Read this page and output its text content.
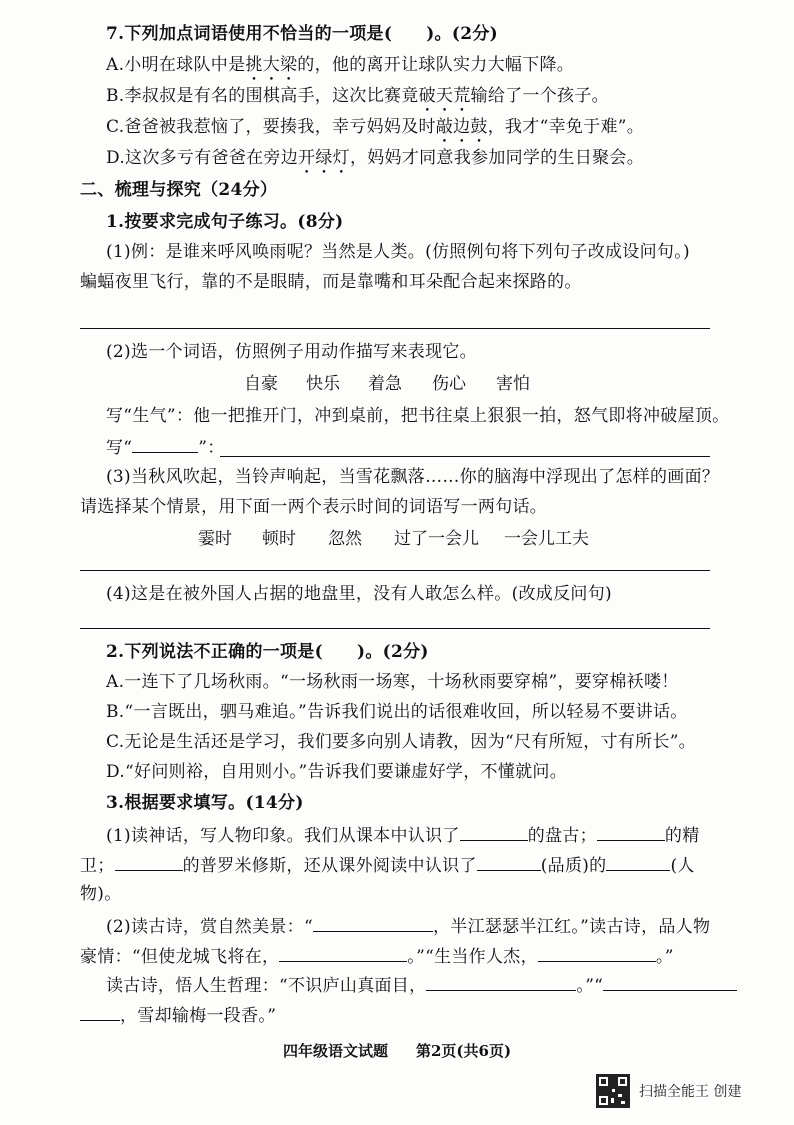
7.下列加点词语使用不恰当的一项是( )。(2分)
A.小明在球队中是挑大梁的，他的离开让球队实力大幅下降。
B.李叔叔是有名的围棋高手，这次比赛竟破天荒输给了一个孩子。
C.爸爸被我惹恼了，要揍我，幸亏妈妈及时敲边鼓，我才“幸免于难”。
D.这次多亏有爸爸在旁边开绿灯，妈妈才同意我参加同学的生日聚会。
二、梳理与探究（24分）
1.按要求完成句子练习。(8分)
(1)例：是谁来呼风唤雨呢？当然是人类。(仿照例句将下列句子改成设问句。)
蝙蝠夜里飞行，靠的不是眼睛，而是靠嘴和耳朵配合起来探路的。
(2)选一个词语，仿照例子用动作描写来表现它。
自豪 快乐 着急 伤心 害怕
写“生气”：他一把推开门，冲到桌前，把书往桌上狠狠一拍，怒气即将冲破屋顶。
写“	”：
(3)当秋风吹起，当铃声响起，当雪花飘落……你的脑海中浮现出了怎样的画面？
请选择某个情景，用下面一两个表示时间的词语写一两句话。
霎时 顿时 忽然 过了一会儿 一会儿工夫
(4)这是在被外国人占据的地盘里，没有人敢怎么样。(改成反问句)
2.下列说法不正确的一项是( )。(2分)
A.一连下了几场秋雨。“一场秋雨一场寒，十场秋雨要穿棉”，要穿棉袄喽！
B.“一言既出，驷马难追。”告诉我们说出的话很难收回，所以轻易不要讲话。
C.无论是生活还是学习，我们要多向别人请教，因为“尺有所短，寸有所长”。
D.“好问则裕，自用则小。”告诉我们要谦虚好学，不懂就问。
3.根据要求填写。(14分)
(1)读神话，写人物印象。我们从课本中认识了	的盘古；	的精
卫；	的普罗米修斯，还从课外阅读中认识了	(品质)的	(人
物)。
(2)读古诗，赏自然美景：“	，半江瑟瑟半江红。”读古诗，品人物
豪情：“但使龙城飞将在，	。”“生当作人杰，	。”
读古诗，悟人生哲理：“不识庐山真面目，	。”“
，雪却输梅一段香。”
四年级语文试题 第2页(共6页)
扫描全能王 创建
